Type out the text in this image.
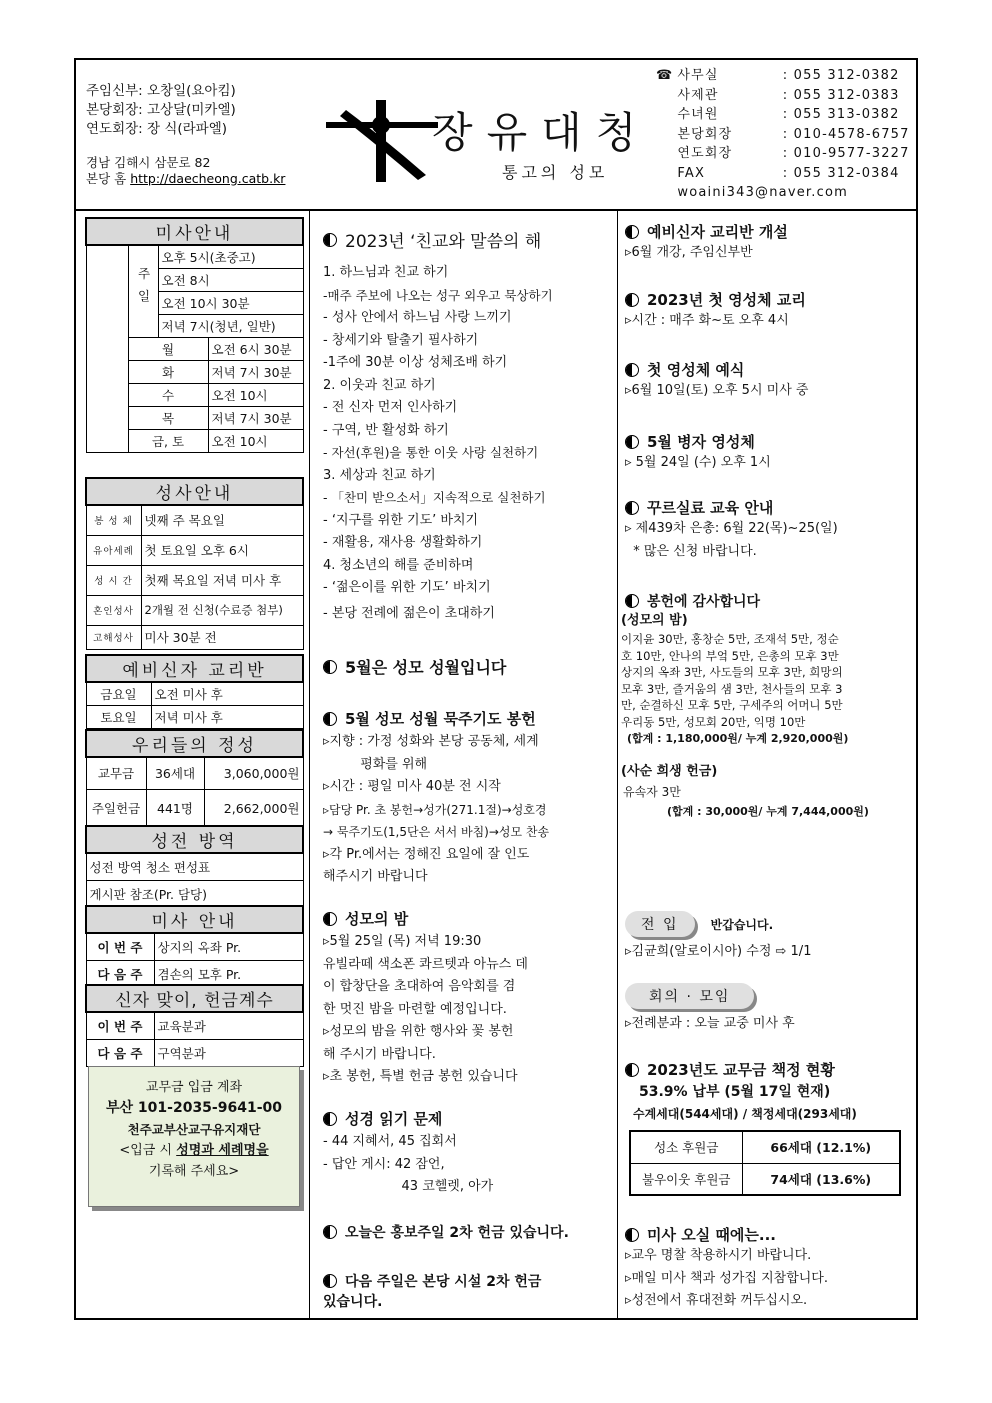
주임신부: 오창일(요아킴)
본당회장: 고상달(미카엘)
연도회장: 장 식(라파엘)
경남 김해시 삼문로 82
본당 홈 http://daecheong.catb.kr
장유대청
통고의 성모
☎ 사무실	: 055 312-0382
사제관	: 055 312-0383
수녀원	: 055 313-0382
본당회장	: 010-4578-6757
연도회장	: 010-9577-3227
FAX	: 055 312-0384
woaini343@naver.com
미사안내			
	주일	오후 5시(초중고)	
		오전 8시	
		오전 10시 30분	
		저녁 7시(청년, 일반)	
	월		오전 6시 30분
	화		저녁 7시 30분
	수		오전 10시
	목		저녁 7시 30분
	금, 토		오전 10시
성사안내	
봉 성 체	넷째 주 목요일
유아세례	첫 토요일 오후 6시
성 시 간	첫째 목요일 저녁 미사 후
혼인성사	2개월 전 신청(수료증 첨부)
고해성사	미사 30분 전
예비신자 교리반	
금요일	오전 미사 후
토요일	저녁 미사 후
우리들의 정성		
교무금	36세대	3,060,000원
주일헌금	441명	2,662,000원
성전 방역
성전 방역 청소 편성표
게시판 참조(Pr. 담당)
미사 안내	
이 번 주	상지의 옥좌 Pr.
다 음 주	겸손의 모후 Pr.
신자 맞이, 헌금계수	
이 번 주	교육분과
다 음 주	구역분과
교무금 입금 계좌
부산 101-2035-9641-00
천주교부산교구유지재단
<입금 시 성명과 세례명을
기록해 주세요>
2023년 ‘친교와 말씀의 해
1. 하느님과 친교 하기
-매주 주보에 나오는 성구 외우고 묵상하기
- 성사 안에서 하느님 사랑 느끼기
- 창세기와 탈출기 필사하기
-1주에 30분 이상 성체조배 하기
2. 이웃과 친교 하기
- 전 신자 먼저 인사하기
- 구역, 반 활성화 하기
- 자선(후원)을 통한 이웃 사랑 실천하기
3. 세상과 친교 하기
- 「찬미 받으소서」지속적으로 실천하기
- ‘지구를 위한 기도’ 바치기
- 재활용, 재사용 생활화하기
4. 청소년의 해를 준비하며
- ‘젊은이를 위한 기도’ 바치기
- 본당 전례에 젊은이 초대하기
5월은 성모 성월입니다
5월 성모 성월 묵주기도 봉헌
▹지향 : 가정 성화와 본당 공동체, 세계
평화를 위해
▹시간 : 평일 미사 40분 전 시작
▹담당 Pr. 초 봉헌→성가(271.1절)→성호경
→ 묵주기도(1,5단은 서서 바침)→성모 찬송
▹각 Pr.에서는 정해진 요일에 잘 인도
해주시기 바랍니다
성모의 밤
▹5월 25일 (목) 저녁 19:30
유빌라떼 색소폰 콰르텟과 아뉴스 데
이 합창단을 초대하여 음악회를 겸
한 멋진 밤을 마련할 예정입니다.
▹성모의 밤을 위한 행사와 꽃 봉헌
해 주시기 바랍니다.
▹초 봉헌, 특별 헌금 봉헌 있습니다
성경 읽기 문제
- 44 지혜서, 45 집회서
- 답안 게시: 42 잠언,
43 코헬렛, 아가
오늘은 홍보주일 2차 헌금 있습니다.
다음 주일은 본당 시설 2차 헌금
있습니다.
예비신자 교리반 개설
▹6월 개강, 주임신부반
2023년 첫 영성체 교리
▹시간 : 매주 화~토 오후 4시
첫 영성체 예식
▹6월 10일(토) 오후 5시 미사 중
5월 병자 영성체
▹ 5월 24일 (수) 오후 1시
꾸르실료 교육 안내
▹ 제439차 은총: 6월 22(목)~25(일)
* 많은 신청 바랍니다.
봉헌에 감사합니다
(성모의 밤)
이지윤 30만, 홍창순 5만, 조재석 5만, 정순
호 10만, 안나의 부엌 5만, 은총의 모후 3만
상지의 옥좌 3만, 사도들의 모후 3만, 희망의
모후 3만, 즐거움의 샘 3만, 천사들의 모후 3
만, 순결하신 모후 5만, 구세주의 어머니 5만
우리동 5만, 성모회 20만, 익명 10만
(합계 : 1,180,000원/ 누계 2,920,000원)
(사순 희생 헌금)
유속자 3만
(합계 : 30,000원/ 누계 7,444,000원)
전 입	반갑습니다.
▹김균희(알로이시아) 수정 ⇨ 1/1
회의 · 모임
▹전례분과 : 오늘 교중 미사 후
2023년도 교무금 책정 현황
53.9% 납부 (5월 17일 현재)
수계세대(544세대) / 책정세대(293세대)
성소 후원금	66세대 (12.1%)
불우이웃 후원금	74세대 (13.6%)
미사 오실 때에는...
▹교우 명찰 착용하시기 바랍니다.
▹매일 미사 책과 성가집 지참합니다.
▹성전에서 휴대전화 꺼두십시오.
